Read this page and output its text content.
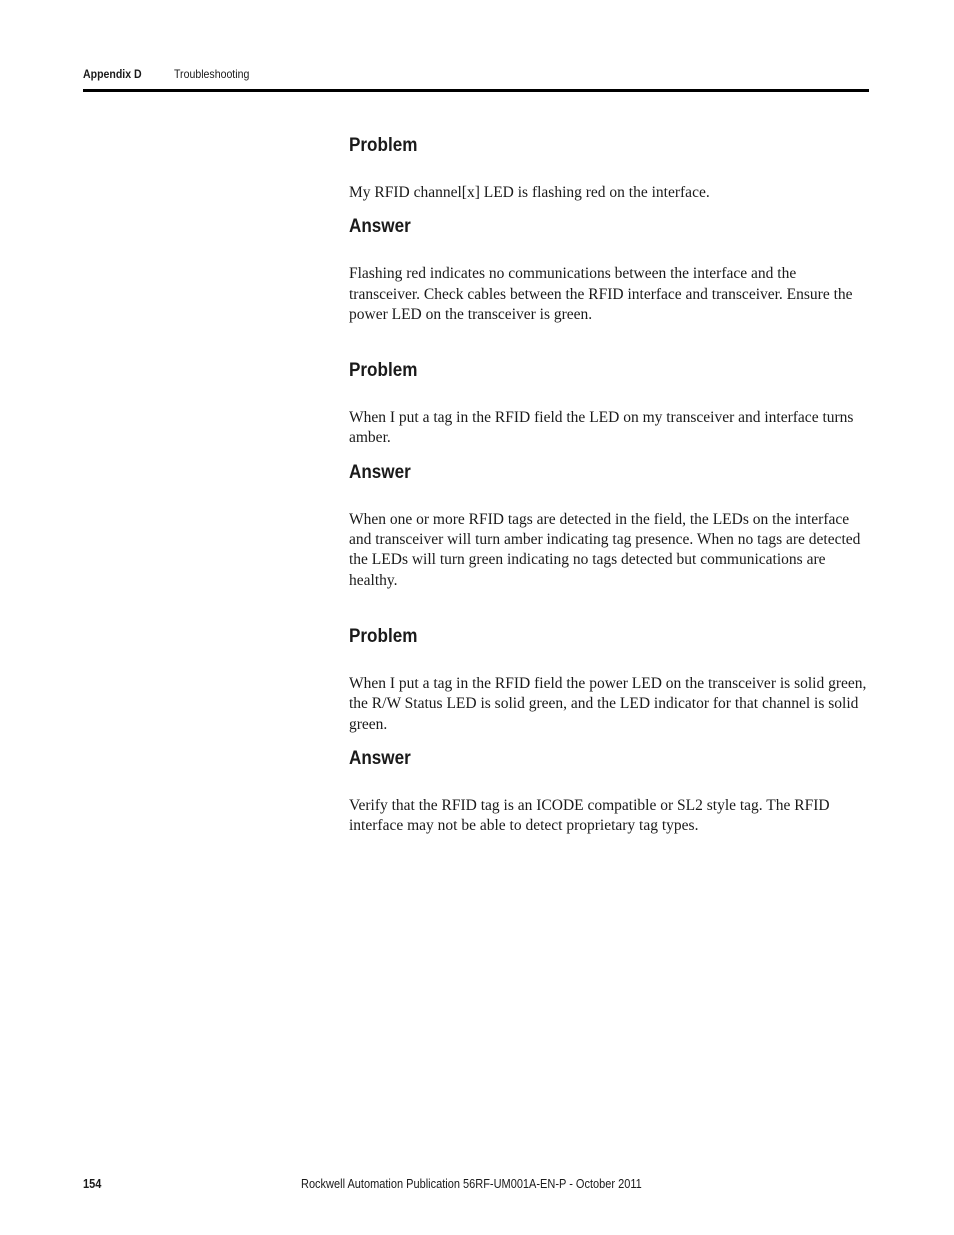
Appendix D	Troubleshooting
Problem

My RFID channel[x] LED is flashing red on the interface.

Answer

Flashing red indicates no communications between the interface and the transceiver. Check cables between the RFID interface and transceiver. Ensure the power LED on the transceiver is green.

Problem

When I put a tag in the RFID field the LED on my transceiver and interface turns amber.

Answer

When one or more RFID tags are detected in the field, the LEDs on the interface and transceiver will turn amber indicating tag presence. When no tags are detected the LEDs will turn green indicating no tags detected but communications are healthy.

Problem

When I put a tag in the RFID field the power LED on the transceiver is solid green, the R/W Status LED is solid green, and the LED indicator for that channel is solid green.

Answer

Verify that the RFID tag is an ICODE compatible or SL2 style tag. The RFID interface may not be able to detect proprietary tag types.

154	Rockwell Automation Publication 56RF-UM001A-EN-P - October 2011
